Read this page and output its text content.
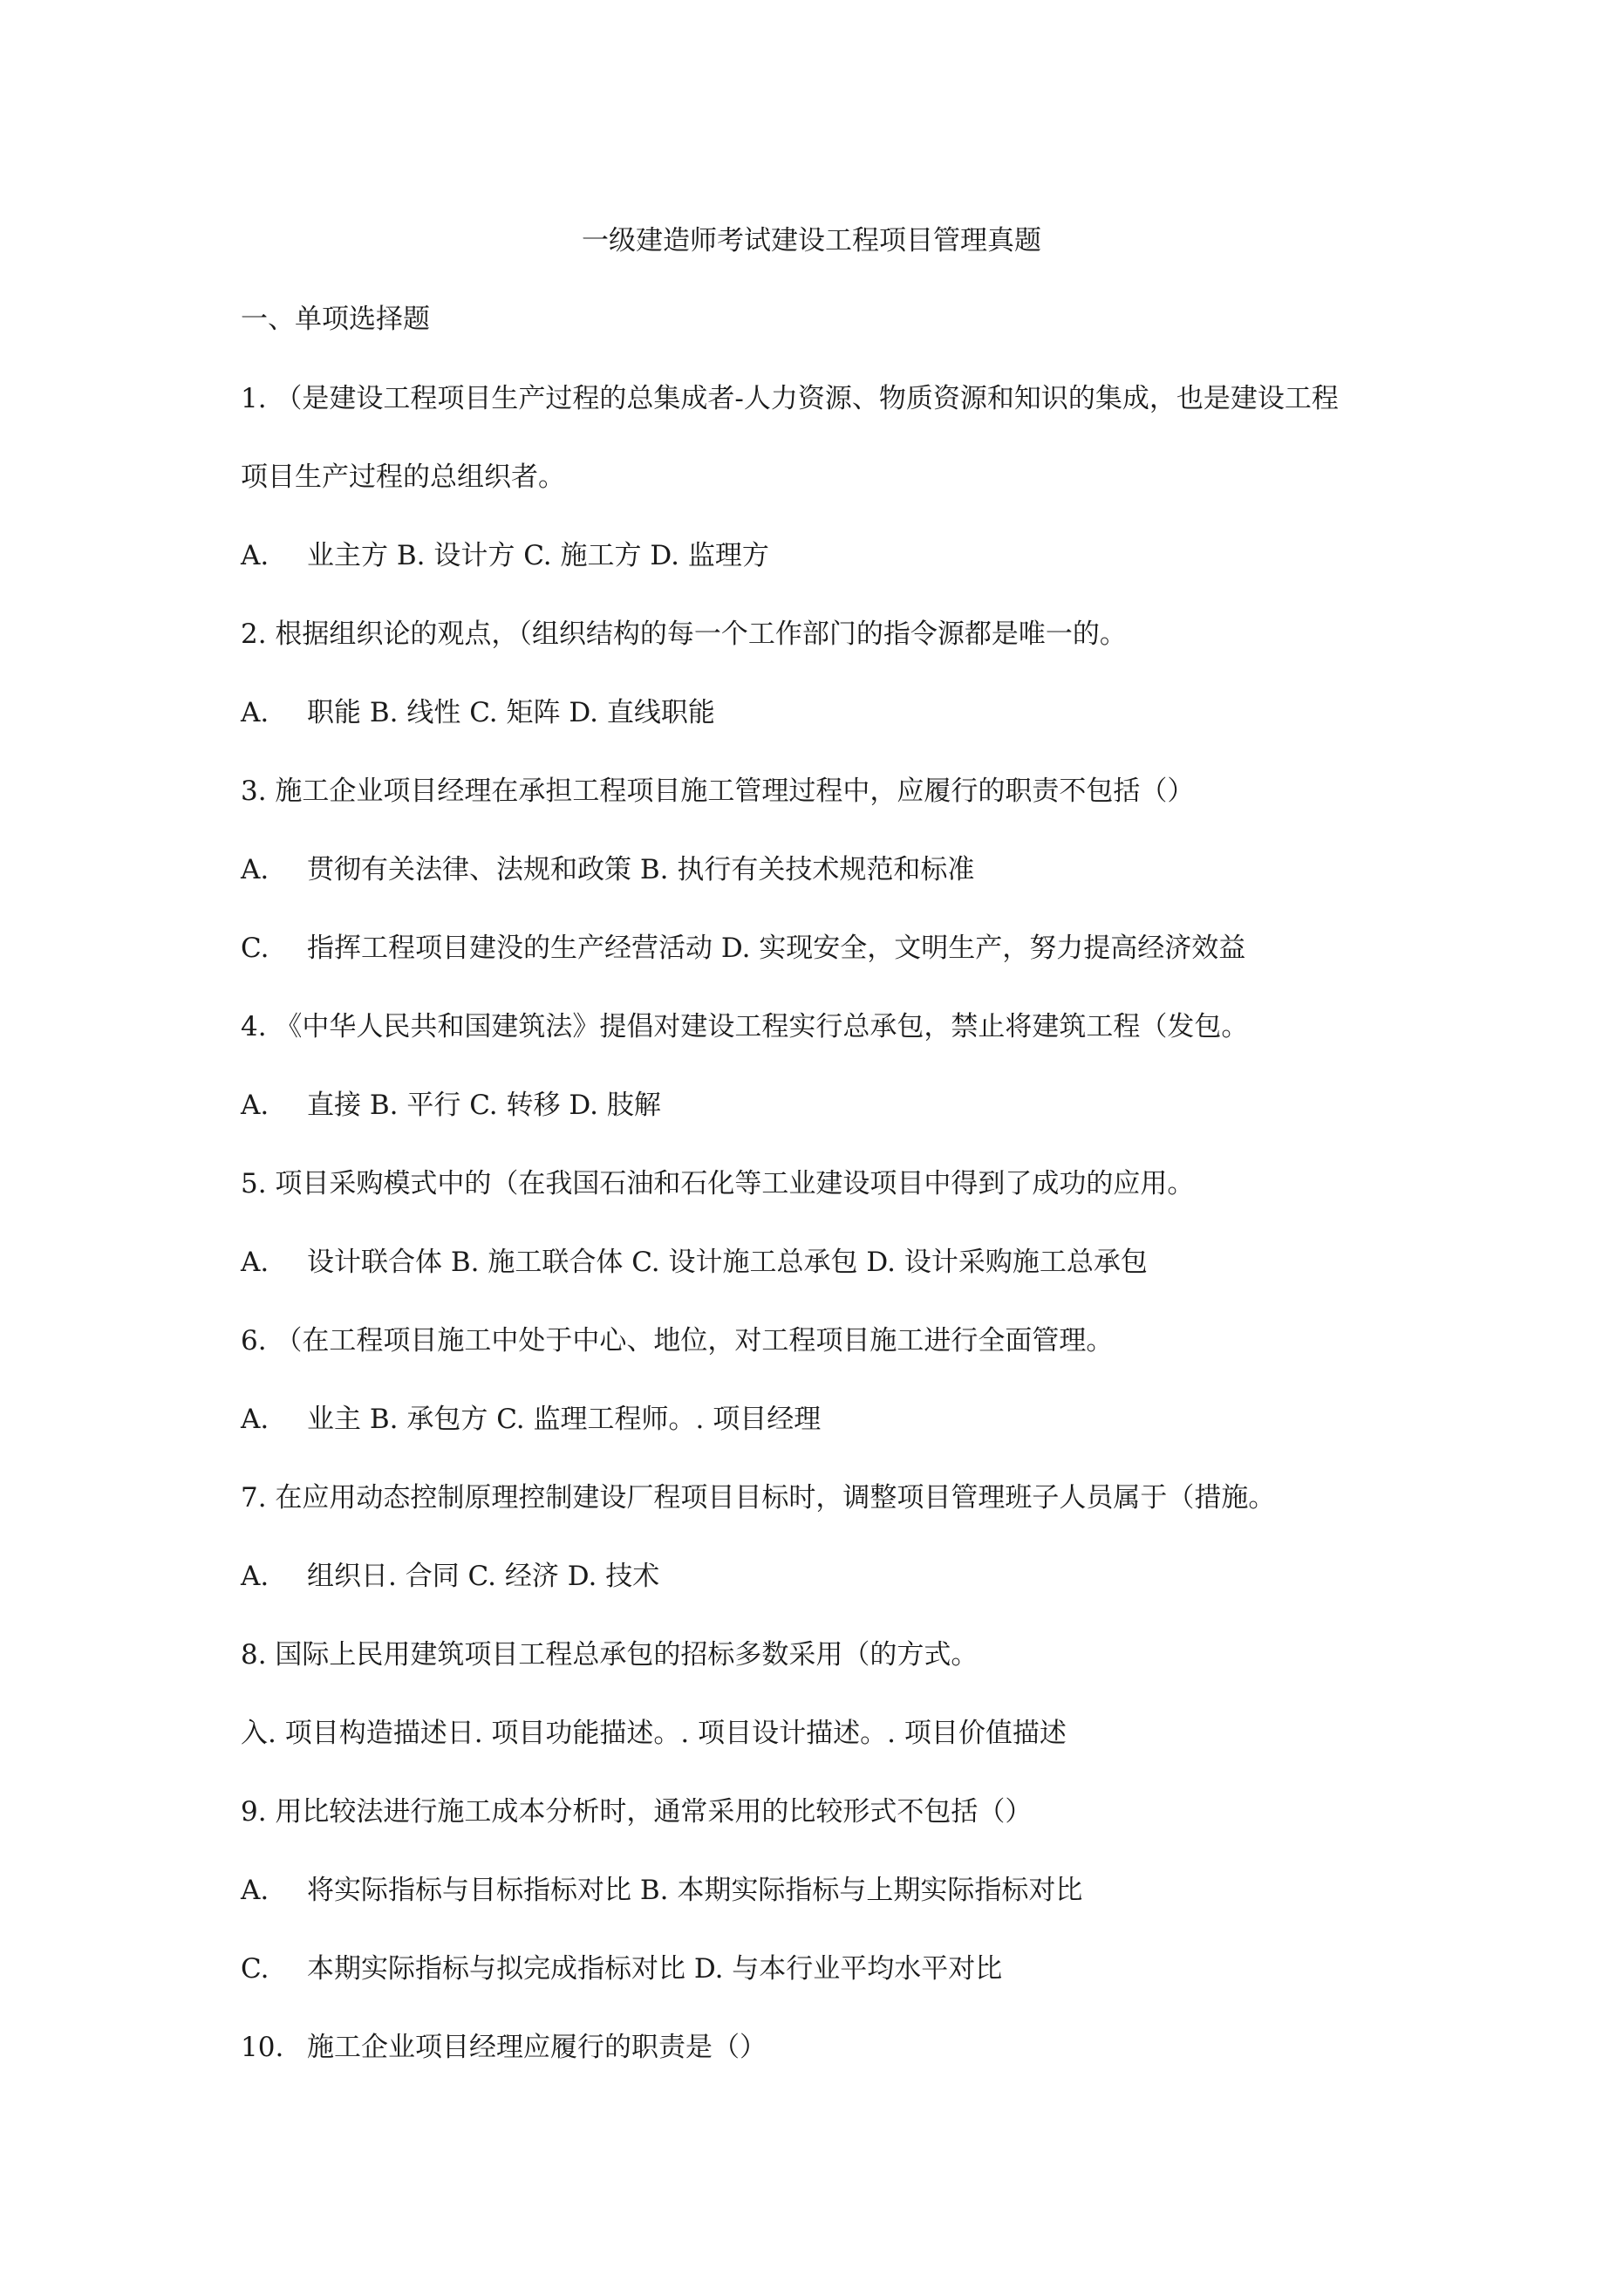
一级建造师考试建设工程项目管理真题
一、单项选择题
1. （是建设工程项目生产过程的总集成者-人力资源、物质资源和知识的集成，也是建设工程
项目生产过程的总组织者。
A. 业主方 B. 设计方 C. 施工方 D. 监理方
2. 根据组织论的观点，（组织结构的每一个工作部门的指令源都是唯一的。
A. 职能 B. 线性 C. 矩阵 D. 直线职能
3. 施工企业项目经理在承担工程项目施工管理过程中，应履行的职责不包括（）
A. 贯彻有关法律、法规和政策 B. 执行有关技术规范和标准
C. 指挥工程项目建没的生产经营活动 D. 实现安全，文明生产，努力提高经济效益
4. 《中华人民共和国建筑法》提倡对建设工程实行总承包，禁止将建筑工程（发包。
A. 直接 B. 平行 C. 转移 D. 肢解
5. 项目采购模式中的（在我国石油和石化等工业建设项目中得到了成功的应用。
A. 设计联合体 B. 施工联合体 C. 设计施工总承包 D. 设计采购施工总承包
6. （在工程项目施工中处于中心、地位，对工程项目施工进行全面管理。
A. 业主 B. 承包方 C. 监理工程师。. 项目经理
7. 在应用动态控制原理控制建设厂程项目目标时，调整项目管理班子人员属于（措施。
A. 组织日. 合同 C. 经济 D. 技术
8. 国际上民用建筑项目工程总承包的招标多数采用（的方式。
入. 项目构造描述日. 项目功能描述。. 项目设计描述。. 项目价值描述
9. 用比较法进行施工成本分析时，通常采用的比较形式不包括（）
A. 将实际指标与目标指标对比 B. 本期实际指标与上期实际指标对比
C. 本期实际指标与拟完成指标对比 D. 与本行业平均水平对比
10. 施工企业项目经理应履行的职责是（）
